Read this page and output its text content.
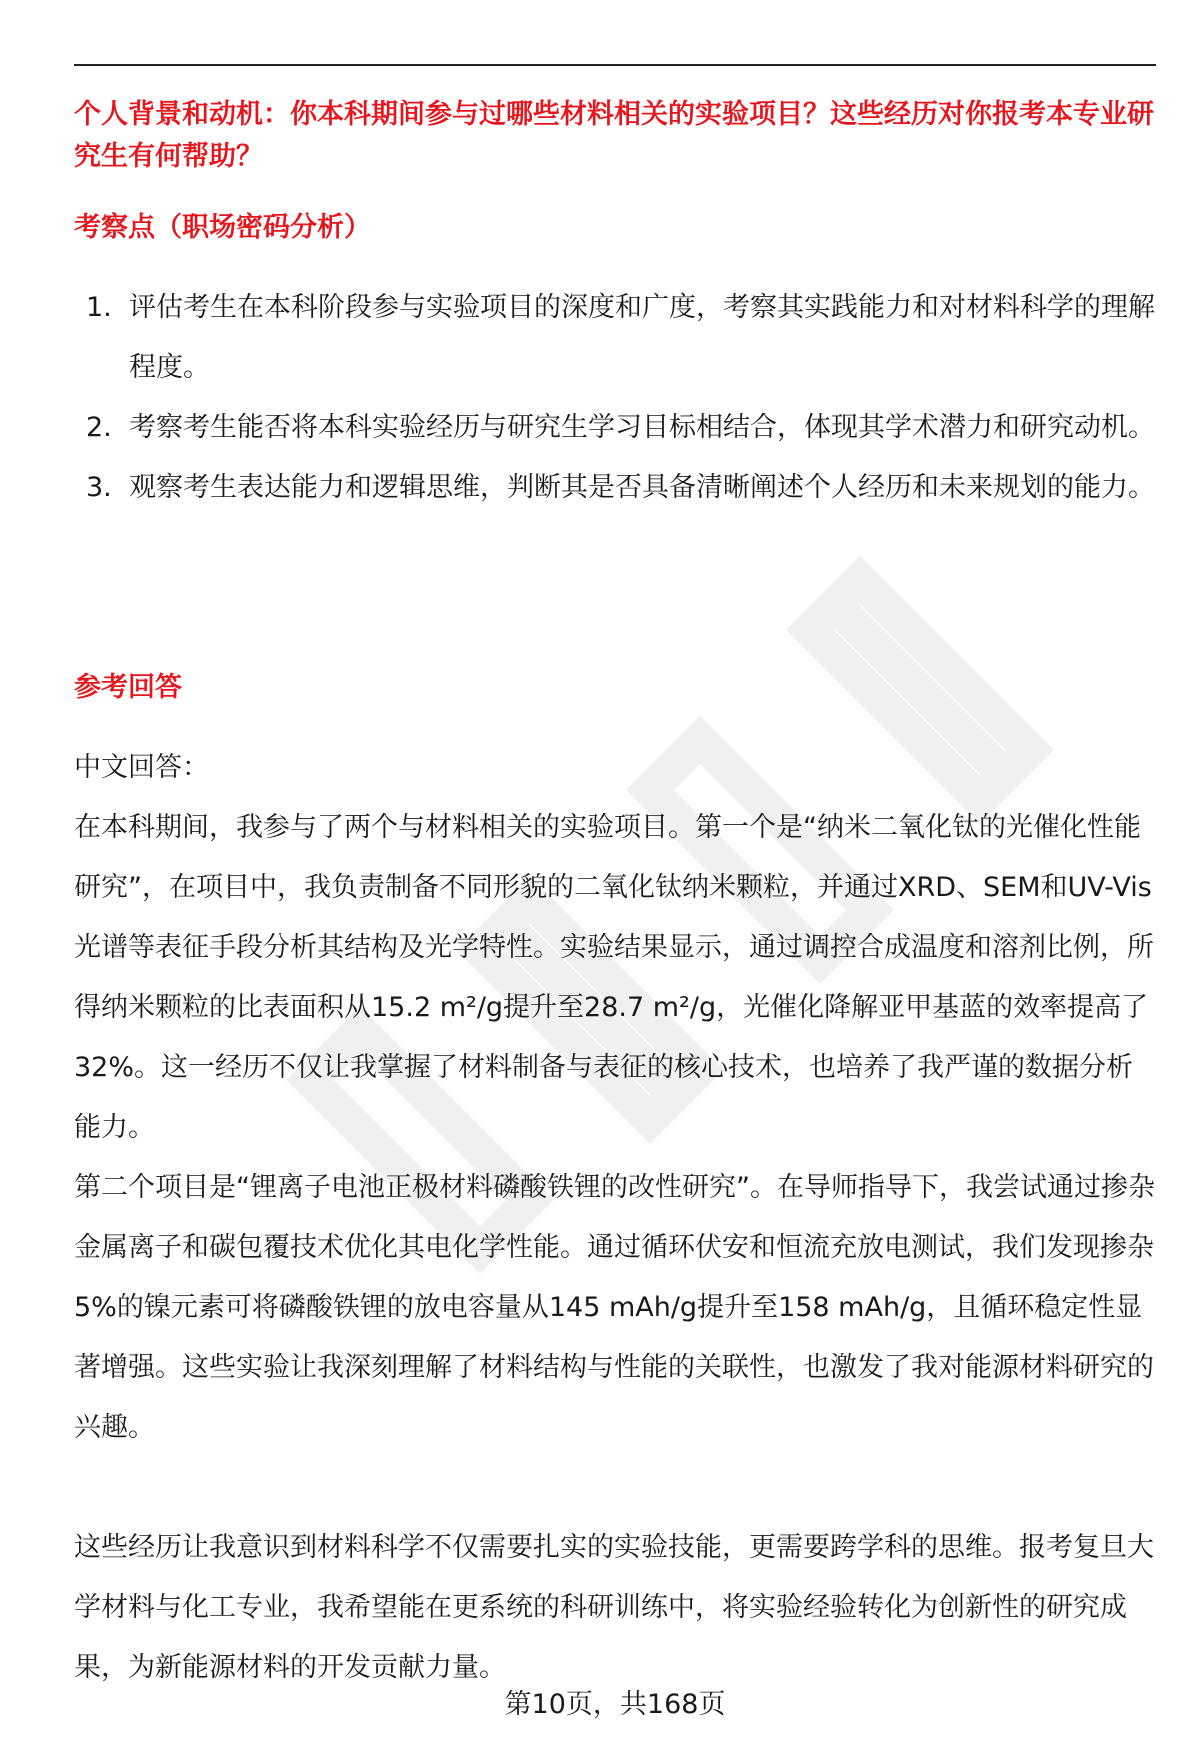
个人背景和动机：你本科期间参与过哪些材料相关的实验项目？这些经历对你报考本专业研究生有何帮助？
考察点（职场密码分析）
1. 评估考生在本科阶段参与实验项目的深度和广度，考察其实践能力和对材料科学的理解程度。
2. 考察考生能否将本科实验经历与研究生学习目标相结合，体现其学术潜力和研究动机。
3. 观察考生表达能力和逻辑思维，判断其是否具备清晰阐述个人经历和未来规划的能力。
参考回答

中文回答：

在本科期间，我参与了两个与材料相关的实验项目。第一个是“纳米二氧化钛的光催化性能研究”，在项目中，我负责制备不同形貌的二氧化钛纳米颗粒，并通过XRD、SEM和UV-Vis光谱等表征手段分析其结构及光学特性。实验结果显示，通过调控合成温度和溶剂比例，所得纳米颗粒的比表面积从15.2 m²/g提升至28.7 m²/g，光催化降解亚甲基蓝的效率提高了32%。这一经历不仅让我掌握了材料制备与表征的核心技术，也培养了我严谨的数据分析能力。

第二个项目是“锂离子电池正极材料磷酸铁锂的改性研究”。在导师指导下，我尝试通过掺杂金属离子和碳包覆技术优化其电化学性能。通过循环伏安和恒流充放电测试，我们发现掺杂5%的镍元素可将磷酸铁锂的放电容量从145 mAh/g提升至158 mAh/g，且循环稳定性显著增强。这些实验让我深刻理解了材料结构与性能的关联性，也激发了我对能源材料研究的兴趣。

这些经历让我意识到材料科学不仅需要扎实的实验技能，更需要跨学科的思维。报考复旦大学材料与化工专业，我希望能在更系统的科研训练中，将实验经验转化为创新性的研究成果，为新能源材料的开发贡献力量。

第10页，共168页
